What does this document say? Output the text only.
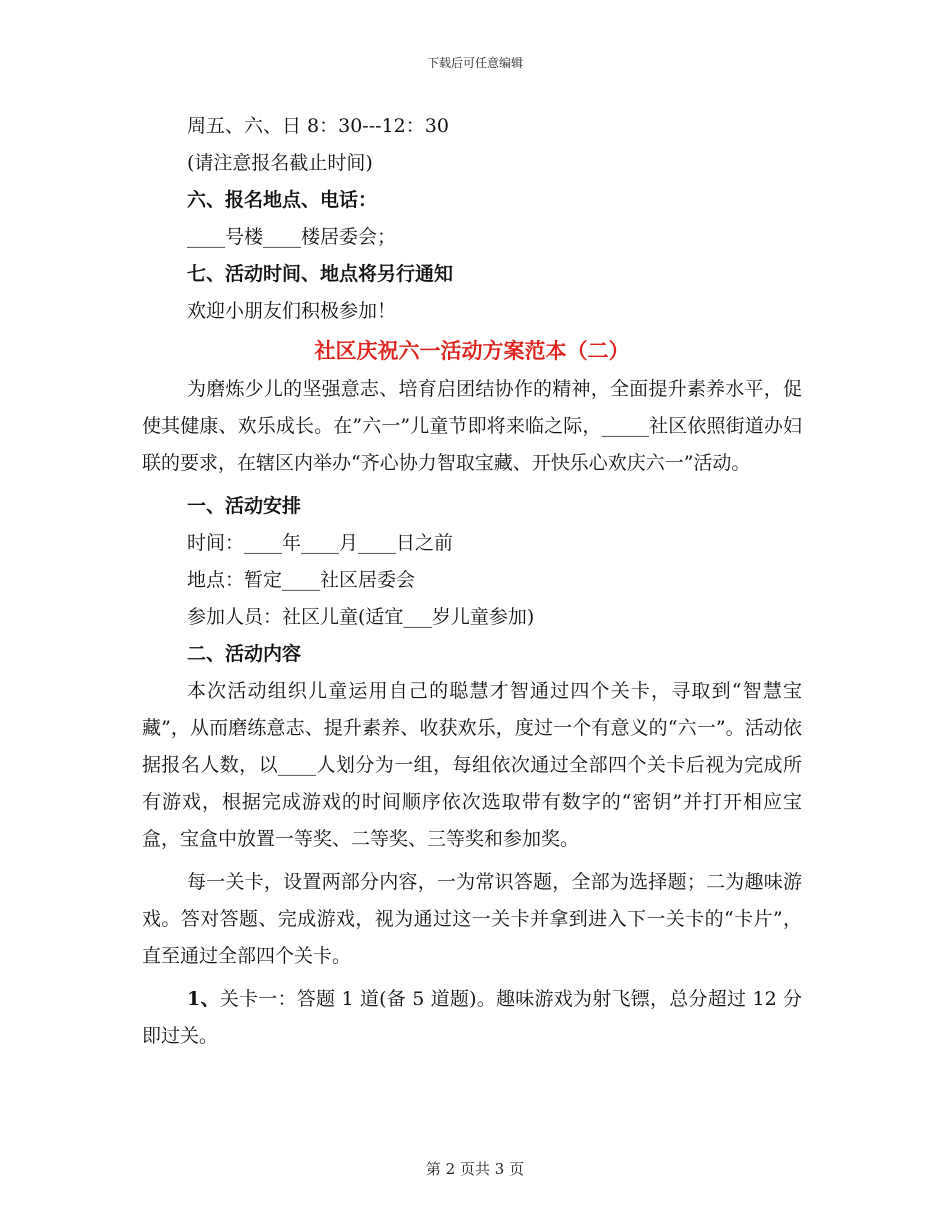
下载后可任意编辑
周五、六、日 8：30---12：30
(请注意报名截止时间)
六、报名地点、电话：
____号楼____楼居委会；
七、活动时间、地点将另行通知
欢迎小朋友们积极参加！
社区庆祝六一活动方案范本（二）
为磨炼少儿的坚强意志、培育启团结协作的精神，全面提升素养水平，促使其健康、欢乐成长。在”六一”儿童节即将来临之际，_____社区依照街道办妇联的要求，在辖区内举办“齐心协力智取宝藏、开快乐心欢庆六一”活动。
一、活动安排
时间：____年____月____日之前
地点：暂定____社区居委会
参加人员：社区儿童(适宜___岁儿童参加)
二、活动内容
本次活动组织儿童运用自己的聪慧才智通过四个关卡，寻取到“智慧宝藏”，从而磨练意志、提升素养、收获欢乐，度过一个有意义的“六一”。活动依据报名人数，以____人划分为一组，每组依次通过全部四个关卡后视为完成所有游戏，根据完成游戏的时间顺序依次选取带有数字的“密钥”并打开相应宝盒，宝盒中放置一等奖、二等奖、三等奖和参加奖。
每一关卡，设置两部分内容，一为常识答题，全部为选择题；二为趣味游戏。答对答题、完成游戏，视为通过这一关卡并拿到进入下一关卡的“卡片”，直至通过全部四个关卡。
1、关卡一：答题 1 道(备 5 道题)。趣味游戏为射飞镖，总分超过 12 分即过关。
第 2 页共 3 页
